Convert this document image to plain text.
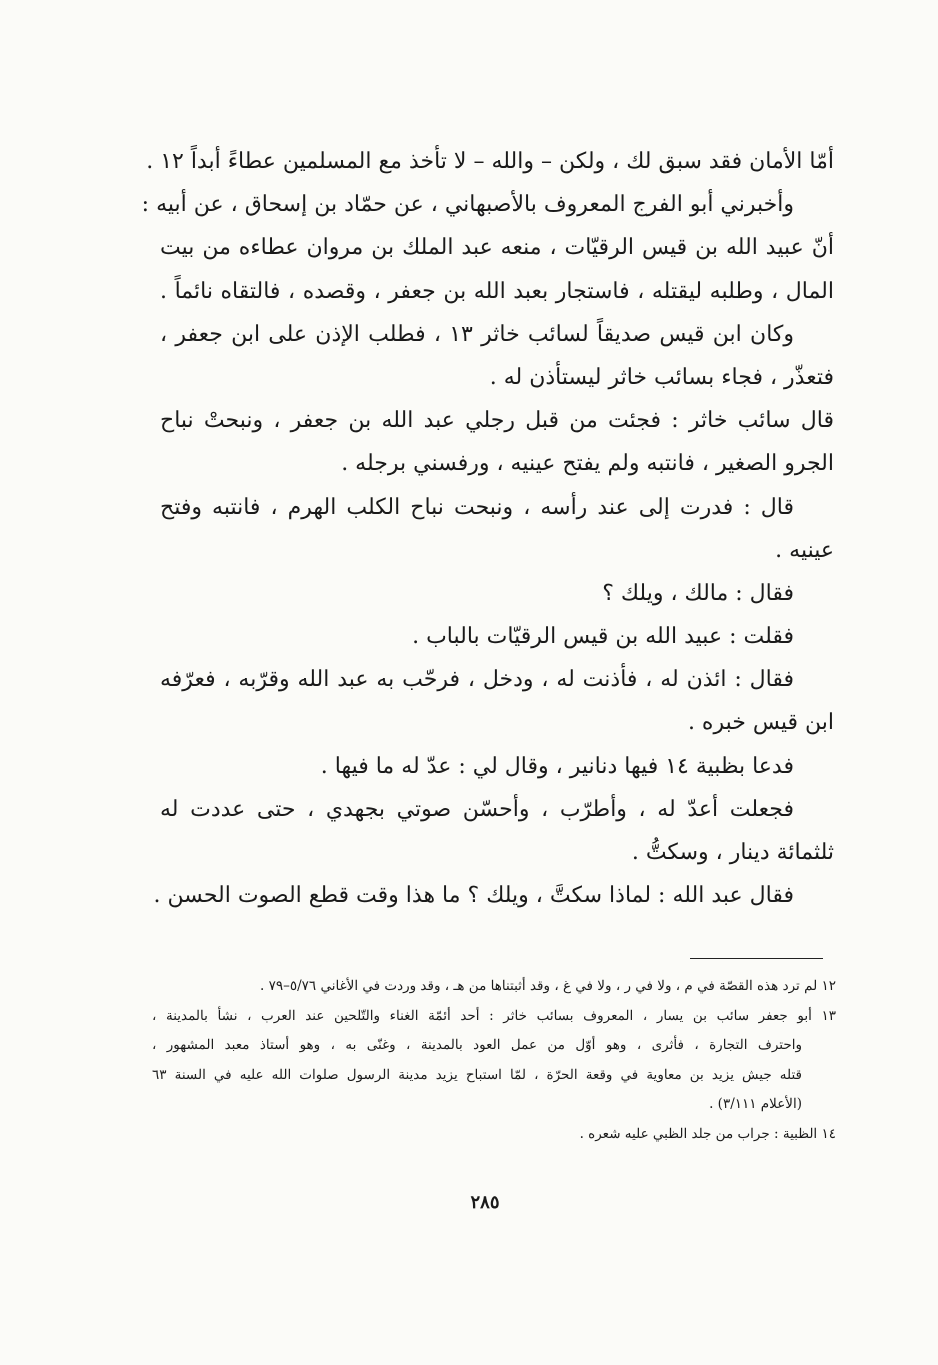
أمّا الأمان فقد سبق لك ، ولكن – والله – لا تأخذ مع المسلمين عطاءً أبداً ١٢ .
وأخبرني أبو الفرج المعروف بالأصبهاني ، عن حمّاد بن إسحاق ، عن أبيه :
أنّ عبيد الله بن قيس الرقيّات ، منعه عبد الملك بن مروان عطاءه من بيت
المال ، وطلبه ليقتله ، فاستجار بعبد الله بن جعفر ، وقصده ، فالتقاه نائماً .
وكان ابن قيس صديقاً لسائب خاثر ١٣ ، فطلب الإذن على ابن جعفر ،
فتعذّر ، فجاء بسائب خاثر ليستأذن له .
قال سائب خاثر : فجئت من قبل رجلي عبد الله بن جعفر ، ونبحتْ نباح
الجرو الصغير ، فانتبه ولم يفتح عينيه ، ورفسني برجله .
قال : فدرت إلى عند رأسه ، ونبحت نباح الكلب الهرم ، فانتبه وفتح
عينيه .
فقال : مالك ، ويلك ؟
فقلت : عبيد الله بن قيس الرقيّات بالباب .
فقال : ائذن له ، فأذنت له ، ودخل ، فرحّب به عبد الله وقرّبه ، فعرّفه
ابن قيس خبره .
فدعا بظبية ١٤ فيها دنانير ، وقال لي : عدّ له ما فيها .
فجعلت أعدّ له ، وأطرّب ، وأحسّن صوتي بجهدي ، حتى عددت له
ثلثمائة دينار ، وسكتُّ .
فقال عبد الله : لماذا سكتَّ ، ويلك ؟ ما هذا وقت قطع الصوت الحسن .
١٢ لم ترد هذه القصّة في م ، ولا في ر ، ولا في غ ، وقد أثبتناها من هـ ، وقد وردت في الأغاني ٥/٧٦–٧٩ .
١٣ أبو جعفر سائب بن يسار ، المعروف بسائب خاثر : أحد أئمّة الغناء والتّلحين عند العرب ، نشأ بالمدينة ،
واحترف التجارة ، فأثرى ، وهو أوّل من عمل العود بالمدينة ، وغنّى به ، وهو أستاذ معبد المشهور ،
قتله جيش يزيد بن معاوية في وقعة الحرّة ، لمّا استباح يزيد مدينة الرسول صلوات الله عليه في السنة ٦٣
(الأعلام ٣/١١١) .
١٤ الظبية : جراب من جلد الظبي عليه شعره .
٢٨٥
